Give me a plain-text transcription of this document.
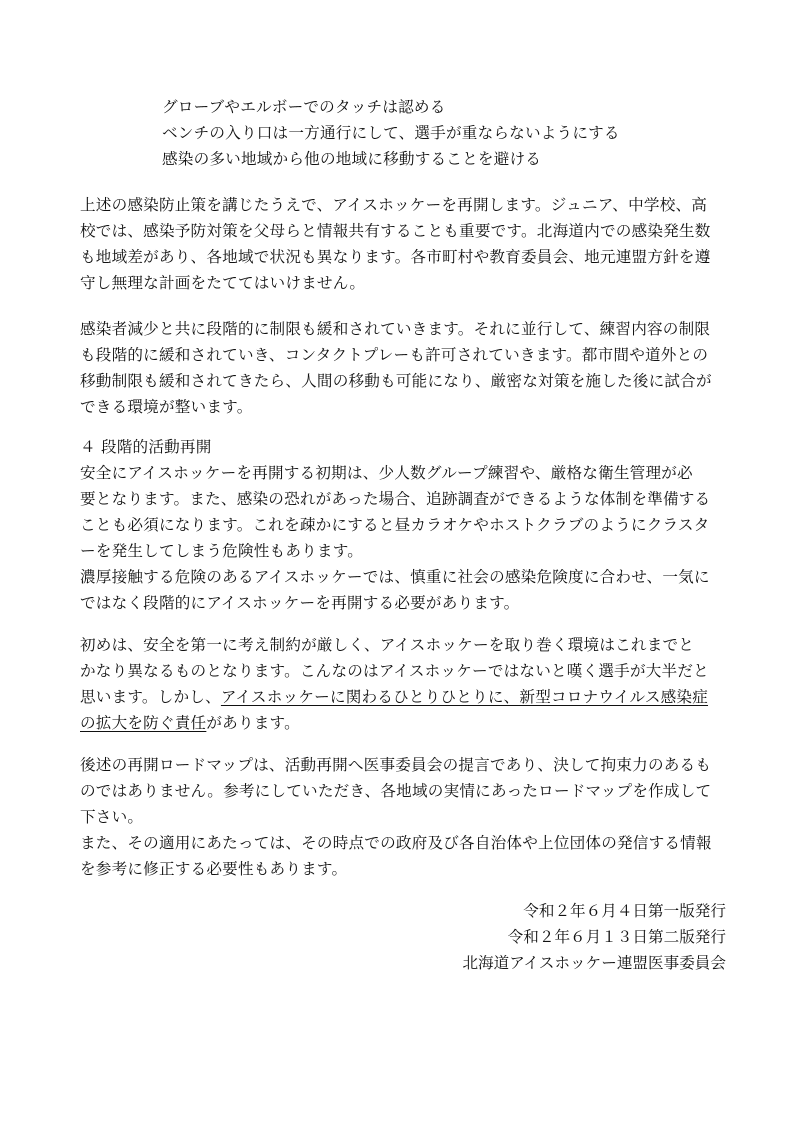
グローブやエルボーでのタッチは認める
ベンチの入り口は一方通行にして、選手が重ならないようにする
感染の多い地域から他の地域に移動することを避ける
上述の感染防止策を講じたうえで、アイスホッケーを再開します。ジュニア、中学校、高
校では、感染予防対策を父母らと情報共有することも重要です。北海道内での感染発生数
も地域差があり、各地域で状況も異なります。各市町村や教育委員会、地元連盟方針を遵
守し無理な計画をたててはいけません。
感染者減少と共に段階的に制限も緩和されていきます。それに並行して、練習内容の制限
も段階的に緩和されていき、コンタクトプレーも許可されていきます。都市間や道外との
移動制限も緩和されてきたら、人間の移動も可能になり、厳密な対策を施した後に試合が
できる環境が整います。
４ 段階的活動再開
安全にアイスホッケーを再開する初期は、少人数グループ練習や、厳格な衛生管理が必
要となります。また、感染の恐れがあった場合、追跡調査ができるような体制を準備する
ことも必須になります。これを疎かにすると昼カラオケやホストクラブのようにクラスタ
ーを発生してしまう危険性もあります。
濃厚接触する危険のあるアイスホッケーでは、慎重に社会の感染危険度に合わせ、一気に
ではなく段階的にアイスホッケーを再開する必要があります。
初めは、安全を第一に考え制約が厳しく、アイスホッケーを取り巻く環境はこれまでと
かなり異なるものとなります。こんなのはアイスホッケーではないと嘆く選手が大半だと
思います。しかし、アイスホッケーに関わるひとりひとりに、新型コロナウイルス感染症
の拡大を防ぐ責任があります。
後述の再開ロードマップは、活動再開へ医事委員会の提言であり、決して拘束力のあるも
のではありません。参考にしていただき、各地域の実情にあったロードマップを作成して
下さい。
また、その適用にあたっては、その時点での政府及び各自治体や上位団体の発信する情報
を参考に修正する必要性もあります。
令和２年６月４日第一版発行
令和２年６月１３日第二版発行
北海道アイスホッケー連盟医事委員会
